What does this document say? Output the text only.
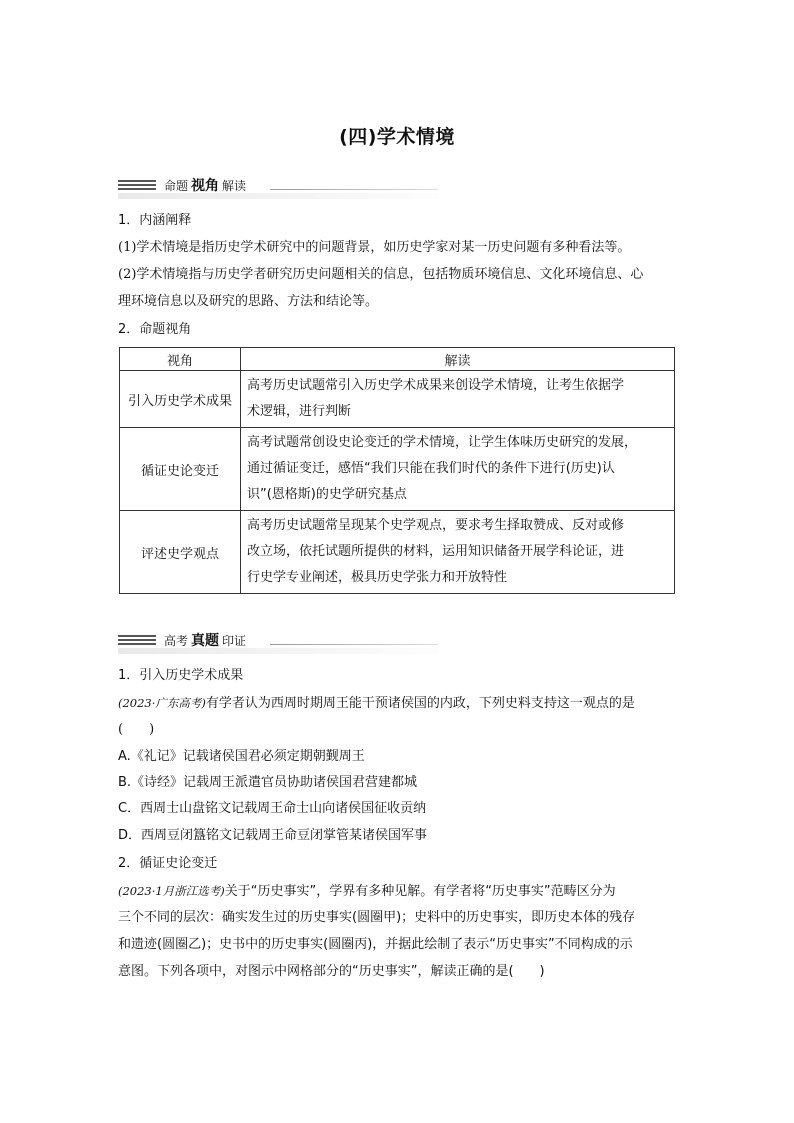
(四)学术情境
命题 视角 解读
1．内涵阐释
(1)学术情境是指历史学术研究中的问题背景，如历史学家对某一历史问题有多种看法等。
(2)学术情境指与历史学者研究历史问题相关的信息，包括物质环境信息、文化环境信息、心
理环境信息以及研究的思路、方法和结论等。
2．命题视角
视角	解读
引入历史学术成果	高考历史试题常引入历史学术成果来创设学术情境，让考生依据学
术逻辑，进行判断

循证史论变迁	高考试题常创设史论变迁的学术情境，让学生体味历史研究的发展，
通过循证变迁，感悟“我们只能在我们时代的条件下进行(历史)认
识”(恩格斯)的史学研究基点

评述史学观点	高考历史试题常呈现某个史学观点，要求考生择取赞成、反对或修
改立场，依托试题所提供的材料，运用知识储备开展学科论证，进
行史学专业阐述，极具历史学张力和开放特性
高考 真题 印证
1．引入历史学术成果
(2023·广东高考)有学者认为西周时期周王能干预诸侯国的内政，下列史料支持这一观点的是
(　　)
A.《礼记》记载诸侯国君必须定期朝觐周王
B.《诗经》记载周王派遣官员协助诸侯国君营建都城
C．西周士山盘铭文记载周王命士山向诸侯国征收贡纳
D．西周豆闭簋铭文记载周王命豆闭掌管某诸侯国军事
2．循证史论变迁
(2023·1月浙江选考)关于“历史事实”，学界有多种见解。有学者将“历史事实”范畴区分为
三个不同的层次：确实发生过的历史事实(圆圈甲)；史料中的历史事实，即历史本体的残存
和遗迹(圆圈乙)；史书中的历史事实(圆圈丙)，并据此绘制了表示“历史事实”不同构成的示
意图。下列各项中，对图示中网格部分的“历史事实”，解读正确的是(　　)
